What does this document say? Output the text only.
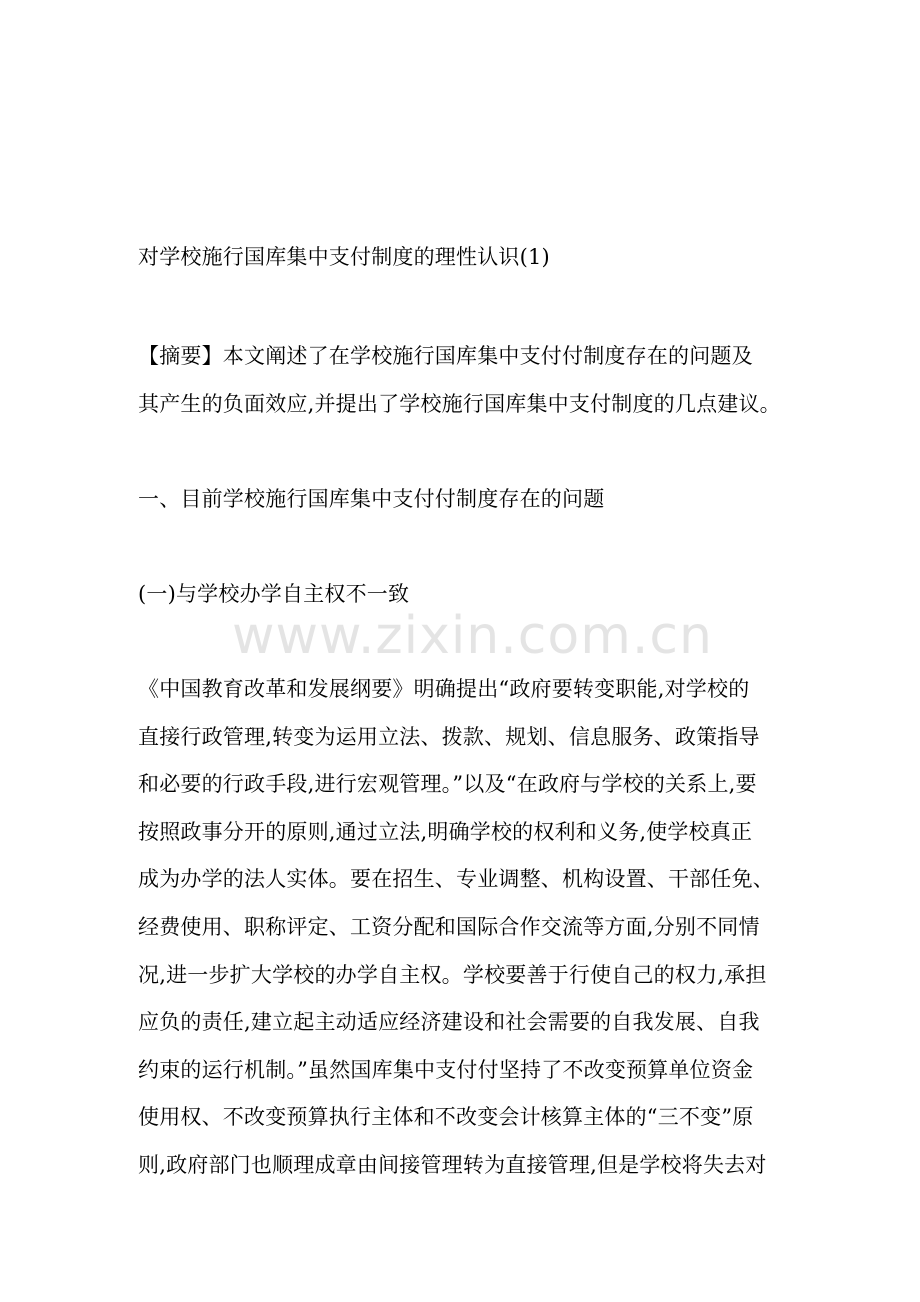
对学校施行国库集中支付制度的理性认识(1)
【摘要】本文阐述了在学校施行国库集中支付付制度存在的问题及
其产生的负面效应,并提出了学校施行国库集中支付制度的几点建议。
一、目前学校施行国库集中支付付制度存在的问题
(一)与学校办学自主权不一致
www.zixin.com.cn
《中国教育改革和发展纲要》明确提出“政府要转变职能,对学校的
直接行政管理,转变为运用立法、拨款、规划、信息服务、政策指导
和必要的行政手段,进行宏观管理。”以及“在政府与学校的关系上,要
按照政事分开的原则,通过立法,明确学校的权利和义务,使学校真正
成为办学的法人实体。要在招生、专业调整、机构设置、干部任免、
经费使用、职称评定、工资分配和国际合作交流等方面,分别不同情
况,进一步扩大学校的办学自主权。学校要善于行使自己的权力,承担
应负的责任,建立起主动适应经济建设和社会需要的自我发展、自我
约束的运行机制。”虽然国库集中支付付坚持了不改变预算单位资金
使用权、不改变预算执行主体和不改变会计核算主体的“三不变”原
则,政府部门也顺理成章由间接管理转为直接管理,但是学校将失去对
